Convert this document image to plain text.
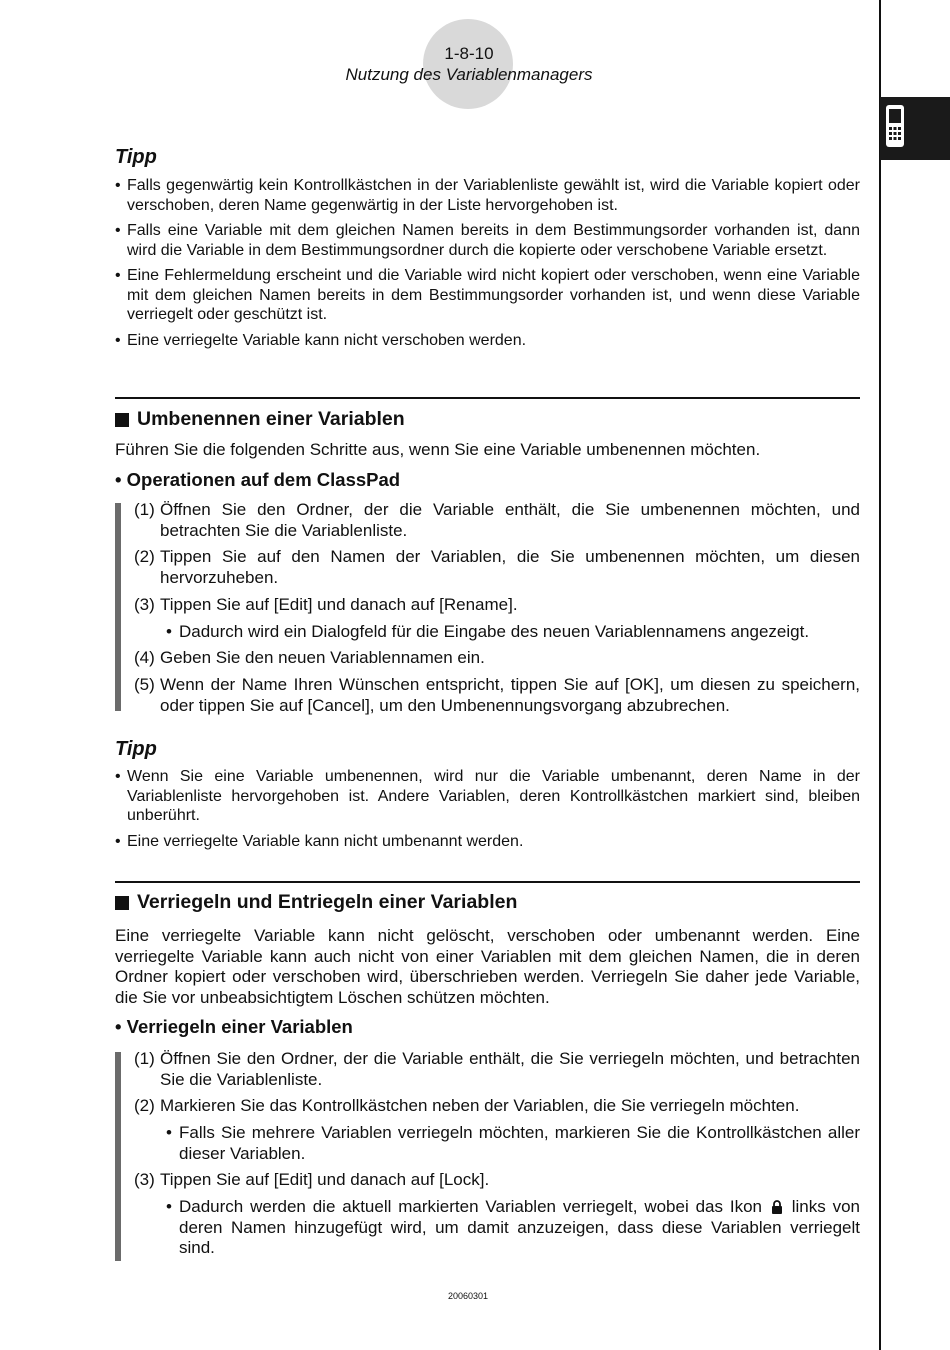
1-8-10
Nutzung des Variablenmanagers
Tipp
• Falls gegenwärtig kein Kontrollkästchen in der Variablenliste gewählt ist, wird die Variable kopiert oder verschoben, deren Name gegenwärtig in der Liste hervorgehoben ist.
• Falls eine Variable mit dem gleichen Namen bereits in dem Bestimmungsorder vorhanden ist, dann wird die Variable in dem Bestimmungsordner durch die kopierte oder verschobene Variable ersetzt.
• Eine Fehlermeldung erscheint und die Variable wird nicht kopiert oder verschoben, wenn eine Variable mit dem gleichen Namen bereits in dem Bestimmungsorder vorhanden ist, und wenn diese Variable verriegelt oder geschützt ist.
• Eine verriegelte Variable kann nicht verschoben werden.
Umbenennen einer Variablen
Führen Sie die folgenden Schritte aus, wenn Sie eine Variable umbenennen möchten.
• Operationen auf dem ClassPad
(1) Öffnen Sie den Ordner, der die Variable enthält, die Sie umbenennen möchten, und betrachten Sie die Variablenliste.
(2) Tippen Sie auf den Namen der Variablen, die Sie umbenennen möchten, um diesen hervorzuheben.
(3) Tippen Sie auf [Edit] und danach auf [Rename].
• Dadurch wird ein Dialogfeld für die Eingabe des neuen Variablennamens angezeigt.
(4) Geben Sie den neuen Variablennamen ein.
(5) Wenn der Name Ihren Wünschen entspricht, tippen Sie auf [OK], um diesen zu speichern, oder tippen Sie auf [Cancel], um den Umbenennungsvorgang abzubrechen.
Tipp
• Wenn Sie eine Variable umbenennen, wird nur die Variable umbenannt, deren Name in der Variablenliste hervorgehoben ist. Andere Variablen, deren Kontrollkästchen markiert sind, bleiben unberührt.
• Eine verriegelte Variable kann nicht umbenannt werden.
Verriegeln und Entriegeln einer Variablen
Eine verriegelte Variable kann nicht gelöscht, verschoben oder umbenannt werden. Eine verriegelte Variable kann auch nicht von einer Variablen mit dem gleichen Namen, die in deren Ordner kopiert oder verschoben wird, überschrieben werden. Verriegeln Sie daher jede Variable, die Sie vor unbeabsichtigtem Löschen schützen möchten.
• Verriegeln einer Variablen
(1) Öffnen Sie den Ordner, der die Variable enthält, die Sie verriegeln möchten, und betrachten Sie die Variablenliste.
(2) Markieren Sie das Kontrollkästchen neben der Variablen, die Sie verriegeln möchten.
• Falls Sie mehrere Variablen verriegeln möchten, markieren Sie die Kontrollkästchen aller dieser Variablen.
(3) Tippen Sie auf [Edit] und danach auf [Lock].
• Dadurch werden die aktuell markierten Variablen verriegelt, wobei das Ikon links von deren Namen hinzugefügt wird, um damit anzuzeigen, dass diese Variablen verriegelt sind.
20060301
